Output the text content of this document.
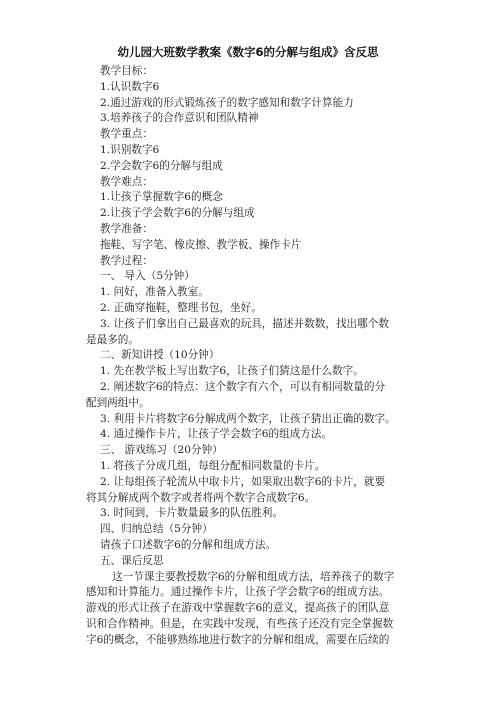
幼儿园大班数学教案《数字6的分解与组成》含反思
教学目标：
1.认识数字6
2.通过游戏的形式锻炼孩子的数字感知和数字计算能力
3.培养孩子的合作意识和团队精神
教学重点：
1.识别数字6
2.学会数字6的分解与组成
教学难点：
1.让孩子掌握数字6的概念
2.让孩子学会数字6的分解与组成
教学准备：
拖鞋、写字笔、橡皮擦、教学板、操作卡片
教学过程：
一、 导入（5分钟）
1. 问好，准备入教室。
2. 正确穿拖鞋，整理书包，坐好。
3. 让孩子们拿出自己最喜欢的玩具，描述并数数，找出哪个数
是最多的。
二、新知讲授（10分钟）
1. 先在教学板上写出数字6，让孩子们猜这是什么数字。
2. 阐述数字6的特点：这个数字有六个，可以有相同数量的分
配到两组中。
3. 利用卡片将数字6分解成两个数字，让孩子猜出正确的数字。
4. 通过操作卡片，让孩子学会数字6的组成方法。
三、 游戏练习（20分钟）
1. 将孩子分成几组，每组分配相同数量的卡片。
2. 让每组孩子轮流从中取卡片，如果取出数字6的卡片，就要
将其分解成两个数字或者将两个数字合成数字6。
3. 时间到，卡片数量最多的队伍胜利。
四、归纳总结（5分钟）
请孩子口述数字6的分解和组成方法。
五、课后反思
这一节课主要教授数字6的分解和组成方法，培养孩子的数字
感知和计算能力。通过操作卡片，让孩子学会数字6的组成方法。
游戏的形式让孩子在游戏中掌握数字6的意义，提高孩子的团队意
识和合作精神。但是，在实践中发现，有些孩子还没有完全掌握数
字6的概念，不能够熟练地进行数字的分解和组成，需要在后续的
